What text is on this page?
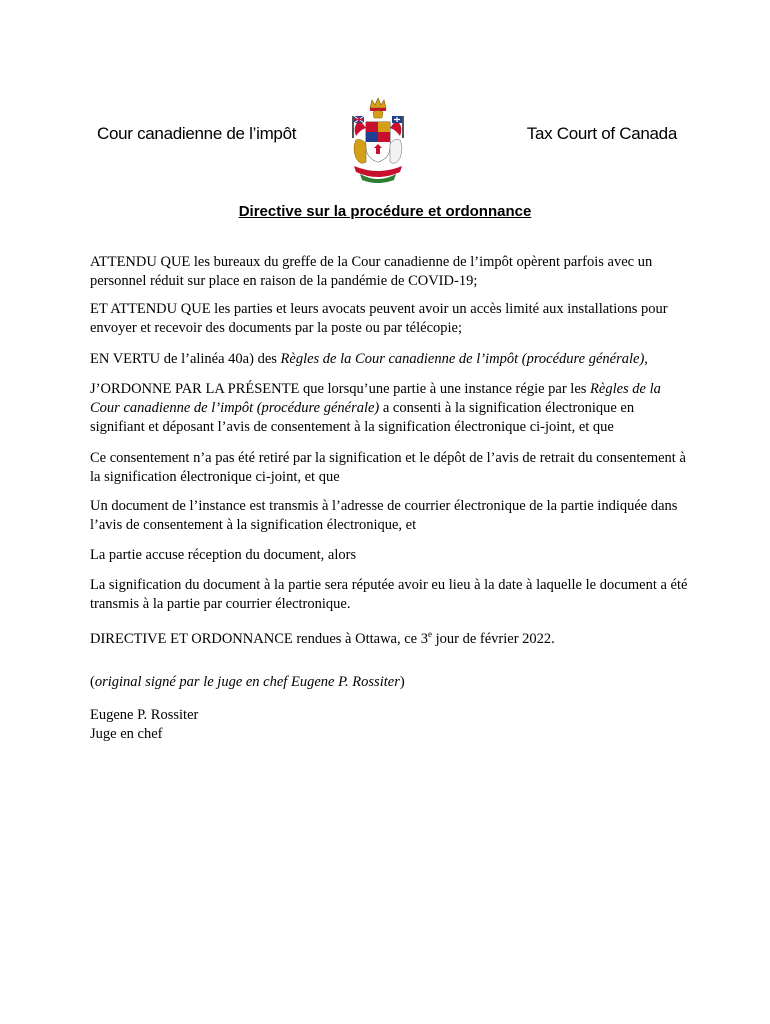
Cour canadienne de l’impôt	Tax Court of Canada
Directive sur la procédure et ordonnance

ATTENDU QUE les bureaux du greffe de la Cour canadienne de l’impôt opèrent parfois avec un personnel réduit sur place en raison de la pandémie de COVID-19;

ET ATTENDU QUE les parties et leurs avocats peuvent avoir un accès limité aux installations pour envoyer et recevoir des documents par la poste ou par télécopie;

EN VERTU de l’alinéa 40a) des Règles de la Cour canadienne de l’impôt (procédure générale),

J’ORDONNE PAR LA PRÉSENTE que lorsqu’une partie à une instance régie par les Règles de la Cour canadienne de l’impôt (procédure générale) a consenti à la signification électronique en signifiant et déposant l’avis de consentement à la signification électronique ci-joint, et que

Ce consentement n’a pas été retiré par la signification et le dépôt de l’avis de retrait du consentement à la signification électronique ci-joint, et que

Un document de l’instance est transmis à l’adresse de courrier électronique de la partie indiquée dans l’avis de consentement à la signification électronique, et

La partie accuse réception du document, alors

La signification du document à la partie sera réputée avoir eu lieu à la date à laquelle le document a été transmis à la partie par courrier électronique.

DIRECTIVE ET ORDONNANCE rendues à Ottawa, ce 3e jour de février 2022.

(original signé par le juge en chef Eugene P. Rossiter)

Eugene P. Rossiter

Juge en chef
